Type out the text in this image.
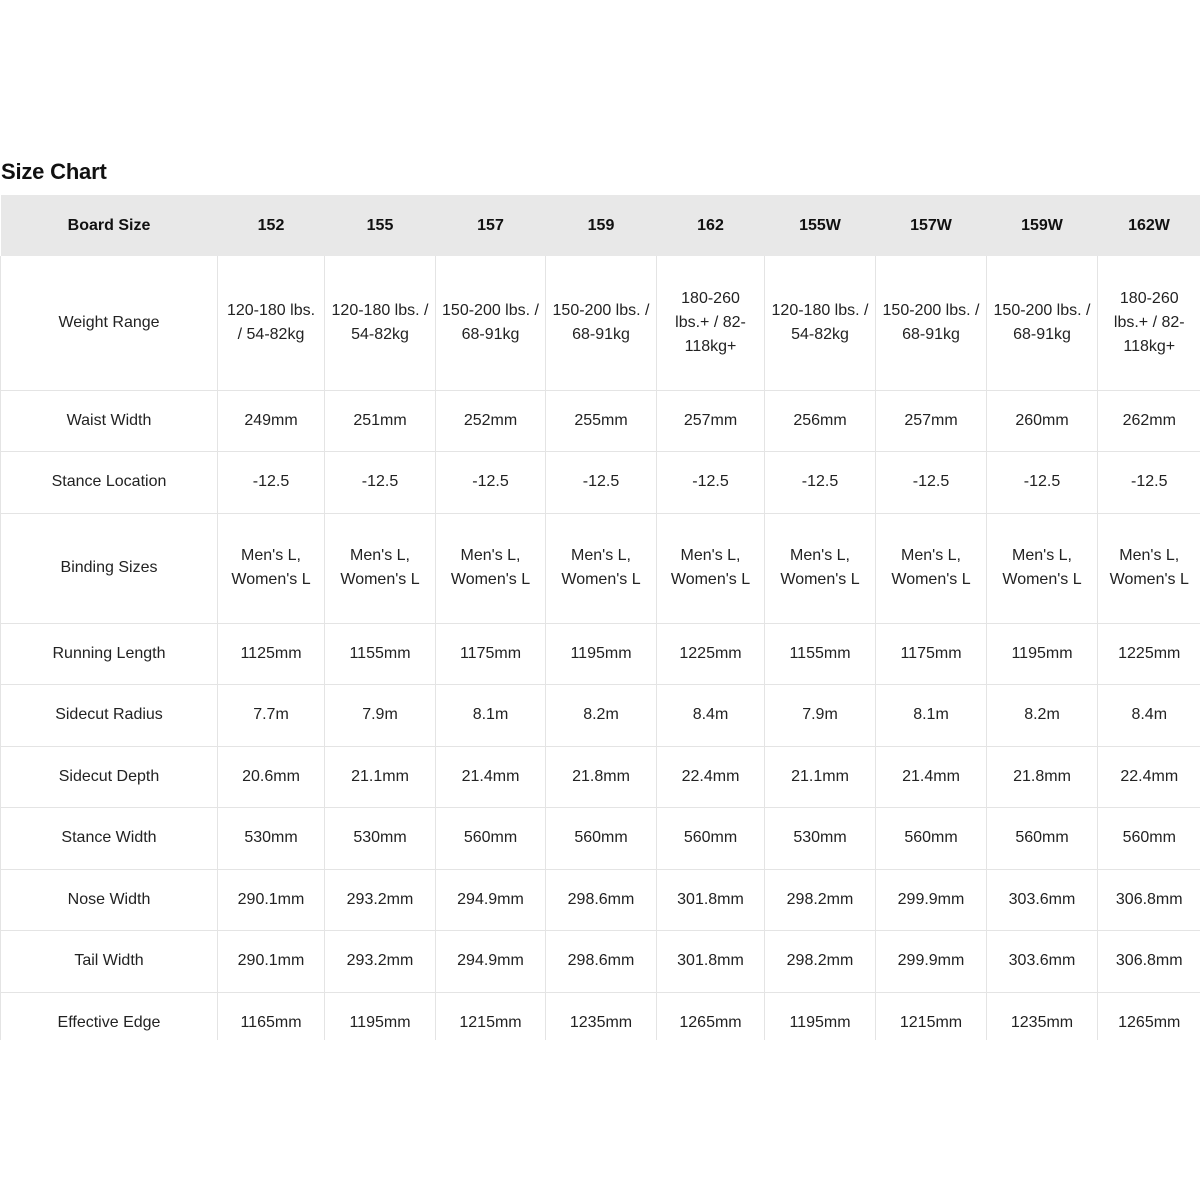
Size Chart
Board Size	152	155	157	159	162	155W	157W	159W	162W
Weight Range	120-180 lbs. / 54-82kg	120-180 lbs. / 54-82kg	150-200 lbs. / 68-91kg	150-200 lbs. / 68-91kg	180-260 lbs.+ / 82-118kg+	120-180 lbs. / 54-82kg	150-200 lbs. / 68-91kg	150-200 lbs. / 68-91kg	180-260 lbs.+ / 82-118kg+
Waist Width	249mm	251mm	252mm	255mm	257mm	256mm	257mm	260mm	262mm
Stance Location	-12.5	-12.5	-12.5	-12.5	-12.5	-12.5	-12.5	-12.5	-12.5
Binding Sizes	Men's L, Women's L	Men's L, Women's L	Men's L, Women's L	Men's L, Women's L	Men's L, Women's L	Men's L, Women's L	Men's L, Women's L	Men's L, Women's L	Men's L, Women's L
Running Length	1125mm	1155mm	1175mm	1195mm	1225mm	1155mm	1175mm	1195mm	1225mm
Sidecut Radius	7.7m	7.9m	8.1m	8.2m	8.4m	7.9m	8.1m	8.2m	8.4m
Sidecut Depth	20.6mm	21.1mm	21.4mm	21.8mm	22.4mm	21.1mm	21.4mm	21.8mm	22.4mm
Stance Width	530mm	530mm	560mm	560mm	560mm	530mm	560mm	560mm	560mm
Nose Width	290.1mm	293.2mm	294.9mm	298.6mm	301.8mm	298.2mm	299.9mm	303.6mm	306.8mm
Tail Width	290.1mm	293.2mm	294.9mm	298.6mm	301.8mm	298.2mm	299.9mm	303.6mm	306.8mm
Effective Edge	1165mm	1195mm	1215mm	1235mm	1265mm	1195mm	1215mm	1235mm	1265mm
